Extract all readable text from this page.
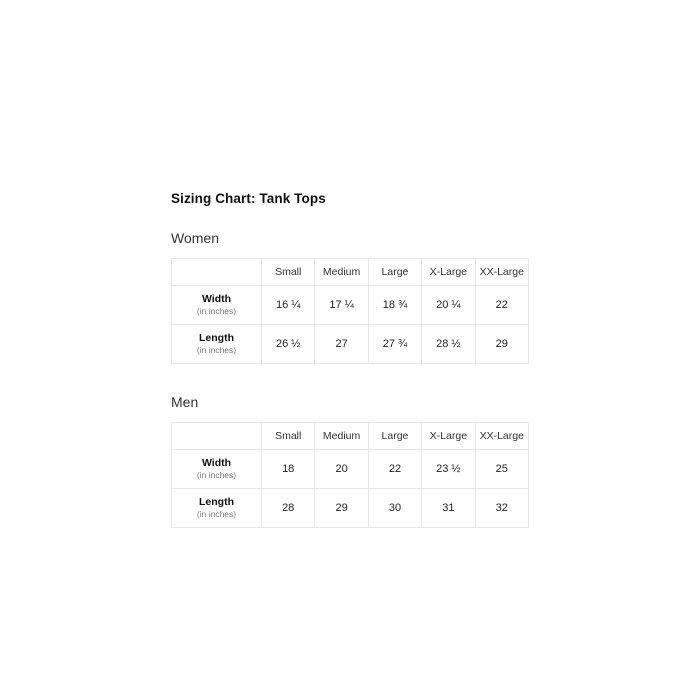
Sizing Chart: Tank Tops
Women
	Small	Medium	Large	X-Large	XX-Large

Width
(in inches)	16 ¼	17 ¼	18 ¾	20 ¼	22

Length
(in inches)	26 ½	27	27 ¾	28 ½	29
Men
	Small	Medium	Large	X-Large	XX-Large

Width
(in inches)	18	20	22	23 ½	25

Length
(in inches)	28	29	30	31	32
